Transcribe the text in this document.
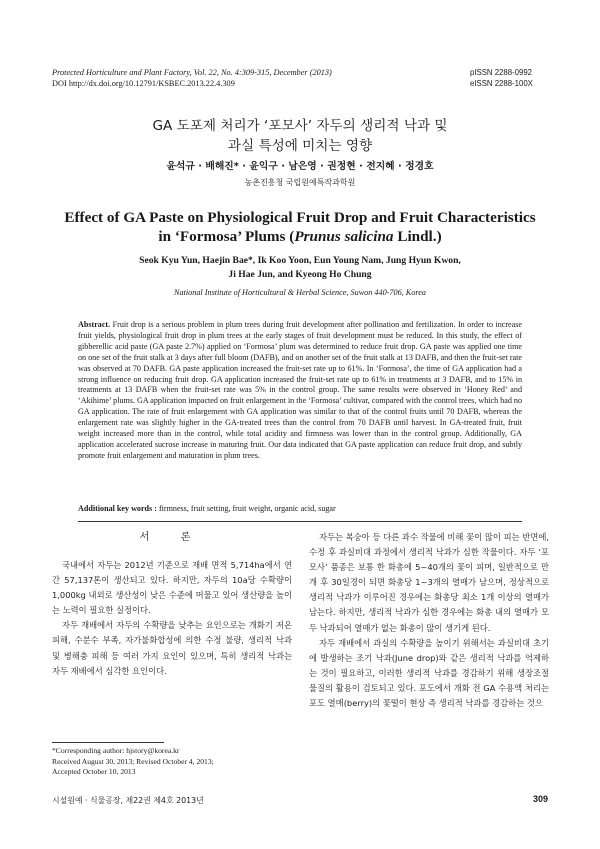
Protected Horticulture and Plant Factory, Vol. 22, No. 4:309-315, December (2013)
DOI http://dx.doi.org/10.12791/KSBEC.2013.22.4.309
pISSN 2288-0992
eISSN 2288-100X
GA 도포제 처리가 ‘포모사’ 자두의 생리적 낙과 및
과실 특성에 미치는 영향
윤석규 · 배해진* · 윤익구 · 남은영 · 권정현 · 전지혜 · 정경호
농촌진흥청 국립원예특작과학원
Effect of GA Paste on Physiological Fruit Drop and Fruit Characteristics
in ‘Formosa’ Plums (Prunus salicina Lindl.)
Seok Kyu Yun, Haejin Bae*, Ik Koo Yoon, Eun Young Nam, Jung Hyun Kwon,
Ji Hae Jun, and Kyeong Ho Chung
National Institute of Horticultural & Herbal Science, Suwon 440-706, Korea
Abstract. Fruit drop is a serious problem in plum trees during fruit development after pollination and fertilization. In order to increase fruit yields, physiological fruit drop in plum trees at the early stages of fruit development must be reduced. In this study, the effect of gibberellic acid paste (GA paste 2.7%) applied on ‘Formosa’ plum was determined to reduce fruit drop. GA paste was applied one time on one set of the fruit stalk at 3 days after full bloom (DAFB), and on another set of the fruit stalk at 13 DAFB, and then the fruit-set rate was observed at 70 DAFB. GA paste application increased the fruit-set rate up to 61%. In ‘Formosa’, the time of GA application had a strong influence on reducing fruit drop. GA application increased the fruit-set rate up to 61% in treatments at 3 DAFB, and to 15% in treatments at 13 DAFB when the fruit-set rate was 5% in the control group. The same results were observed in ‘Honey Red’ and ‘Akihime’ plums. GA application impacted on fruit enlargement in the ‘Formosa’ cultivar, compared with the control trees, which had no GA application. The rate of fruit enlargement with GA application was similar to that of the control fruits until 70 DAFB, whereas the enlargement rate was slightly higher in the GA-treated trees than the control from 70 DAFB until harvest. In GA-treated fruit, fruit weight increased more than in the control, while total acidity and firmness was lower than in the control group. Additionally, GA application accelerated sucrose increase in maturing fruit. Our data indicated that GA paste application can reduce fruit drop, and subtly promote fruit enlargement and maturation in plum trees.
Additional key words : firmness, fruit setting, fruit weight, organic acid, sugar
서 론

국내에서 자두는 2012년 기준으로 재배 면적 5,714ha에서 연간 57,137톤이 생산되고 있다. 하지만, 자두의 10a당 수확량이 1,000kg 내외로 생산성이 낮은 수준에 머물고 있어 생산량을 높이는 노력이 필요한 실정이다.

자두 재배에서 자두의 수확량을 낮추는 요인으로는 개화기 저온 피해, 수분수 부족, 자가불화합성에 의한 수정 불량, 생리적 낙과 및 병해충 피해 등 여러 가지 요인이 있으며, 특히 생리적 낙과는 자두 재배에서 심각한 요인이다.

자두는 복숭아 등 다른 과수 작물에 비해 꽃이 많이 피는 반면에, 수정 후 과실비대 과정에서 생리적 낙과가 심한 작물이다. 자두 ‘포모사’ 품종은 보통 한 화총에 5~40개의 꽃이 피며, 일반적으로 만개 후 30일경이 되면 화총당 1~3개의 열매가 남으며, 정상적으로 생리적 낙과가 이루어진 경우에는 화총당 최소 1개 이상의 열매가 남는다. 하지만, 생리적 낙과가 심한 경우에는 화총 내의 열매가 모두 낙과되어 열매가 없는 화총이 많이 생기게 된다.

자두 재배에서 과실의 수확량을 높이기 위해서는 과실비대 초기에 발생하는 조기 낙과(June drop)와 같은 생리적 낙과를 억제하는 것이 필요하고, 이러한 생리적 낙과를 경감하기 위해 생장조절물질의 활용이 검토되고 있다. 포도에서 개화 전 GA 수용액 처리는 포도 열매(berry)의 꽃떨이 현상 즉 생리적 낙과를 경감하는 것으

*Corresponding author: hjstory@korea.kr
Received August 30, 2013; Revised October 4, 2013;
Accepted October 10, 2013
시설원예 · 식물공장, 제22권 제4호 2013년	309
